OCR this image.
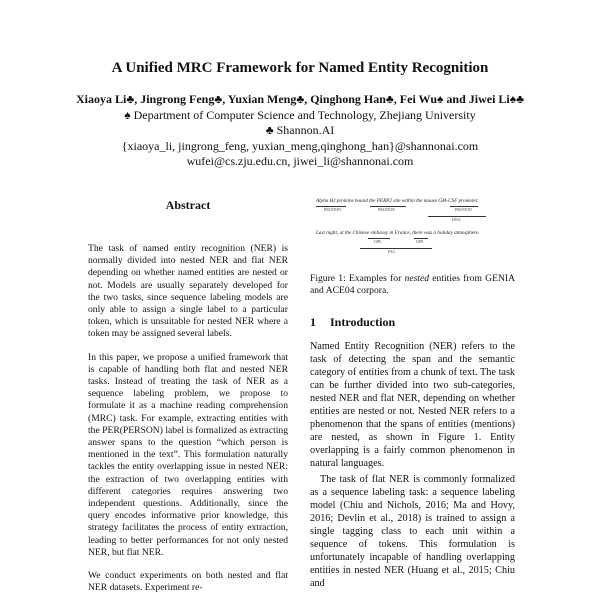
A Unified MRC Framework for Named Entity Recognition
Xiaoya Li♣, Jingrong Feng♣, Yuxian Meng♣, Qinghong Han♣, Fei Wu♠ and Jiwei Li♠♣
♠ Department of Computer Science and Technology, Zhejiang University
♣ Shannon.AI
{xiaoya_li, jingrong_feng, yuxian_meng,qinghong_han}@shannonai.com
wufei@cs.zju.edu.cn, jiwei_li@shannonai.com
Abstract

The task of named entity recognition (NER) is normally divided into nested NER and flat NER depending on whether named entities are nested or not. Models are usually separately developed for the two tasks, since sequence labeling models are only able to assign a single label to a particular token, which is unsuitable for nested NER where a token may be assigned several labels.

In this paper, we propose a unified framework that is capable of handling both flat and nested NER tasks. Instead of treating the task of NER as a sequence labeling problem, we propose to formulate it as a machine reading comprehension (MRC) task. For example, extracting entities with the PER(PERSON) label is formalized as extracting answer spans to the question “which person is mentioned in the text”. This formulation naturally tackles the entity overlapping issue in nested NER: the extraction of two overlapping entities with different categories requires answering two independent questions. Additionally, since the query encodes informative prior knowledge, this strategy facilitates the process of entity extraction, leading to better performances for not only nested NER, but flat NER.

We conduct experiments on both nested and flat NER datasets. Experiment re-

Alpha B2 proteins bound the PEBP2 site within the mouse GM-CSF promoter.
PROTEIN	PROTEIN	PROTEIN
DNA
Last night, at the Chinese embassy in France, there was a holiday atmosphere.
GPE	GPE
FAC

Figure 1: Examples for nested entities from GENIA and ACE04 corpora.

1 Introduction

Named Entity Recognition (NER) refers to the task of detecting the span and the semantic category of entities from a chunk of text. The task can be further divided into two sub-categories, nested NER and flat NER, depending on whether entities are nested or not. Nested NER refers to a phenomenon that the spans of entities (mentions) are nested, as shown in Figure 1. Entity overlapping is a fairly common phenomenon in natural languages.

The task of flat NER is commonly formalized as a sequence labeling task: a sequence labeling model (Chiu and Nichols, 2016; Ma and Hovy, 2016; Devlin et al., 2018) is trained to assign a single tagging class to each unit within a sequence of tokens. This formulation is unfortunately incapable of handling overlapping entities in nested NER (Huang et al., 2015; Chiu and
